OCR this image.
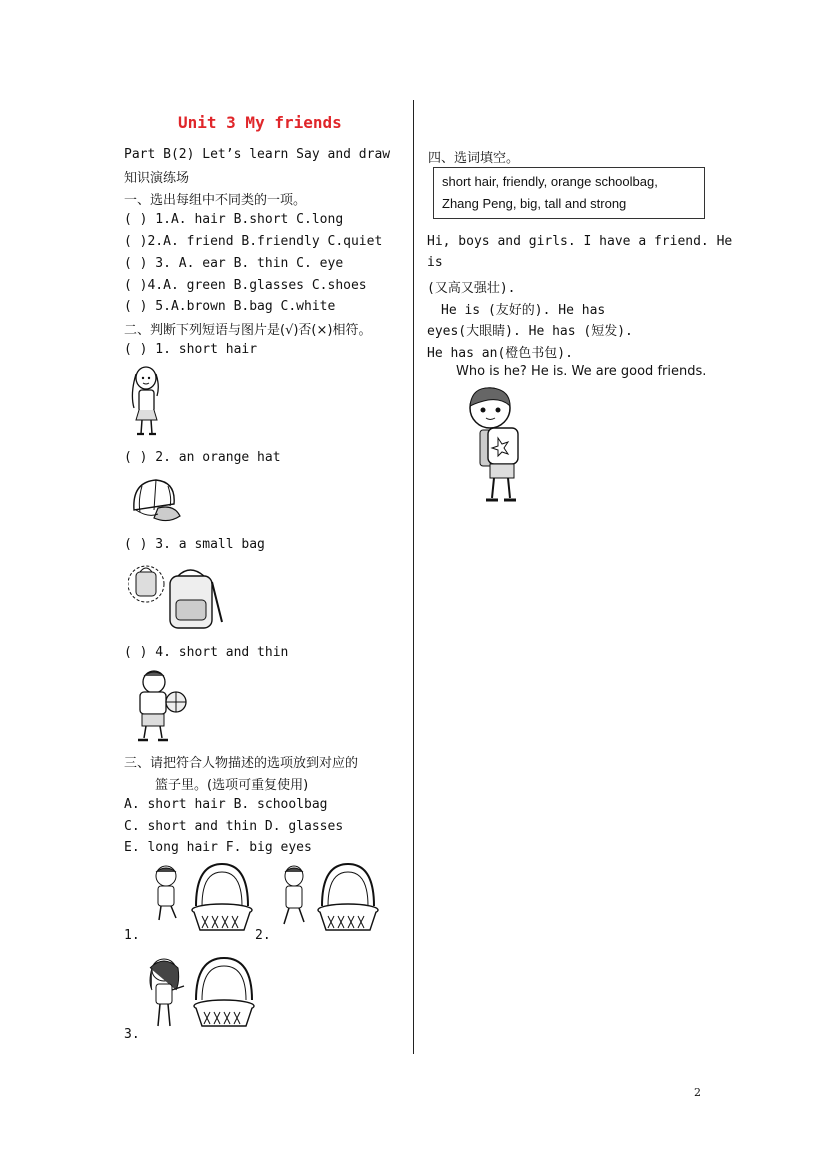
Unit 3 My friends
Part B(2) Let’s learn Say and draw
知识演练场
一、选出每组中不同类的一项。
( ) 1.A. hair B.short C.long
( )2.A. friend B.friendly C.quiet
( ) 3. A. ear B. thin C. eye
( )4.A. green B.glasses C.shoes
( ) 5.A.brown B.bag C.white
二、判断下列短语与图片是(√)否(×)相符。
( ) 1. short hair
( ) 2. an orange hat
( ) 3. a small bag
( ) 4. short and thin
三、请把符合人物描述的选项放到对应的
篮子里。(选项可重复使用)
A. short hair B. schoolbag
C. short and thin D. glasses
E. long hair F. big eyes
1.	2.
3.
四、选词填空。
short hair, friendly, orange schoolbag,
Zhang Peng, big, tall and strong
Hi, boys and girls. I have a friend. He
is
(又高又强壮).
He is (友好的). He has
eyes(大眼睛). He has (短发).
He has an(橙色书包).
Who is he? He is. We are good friends.
2
